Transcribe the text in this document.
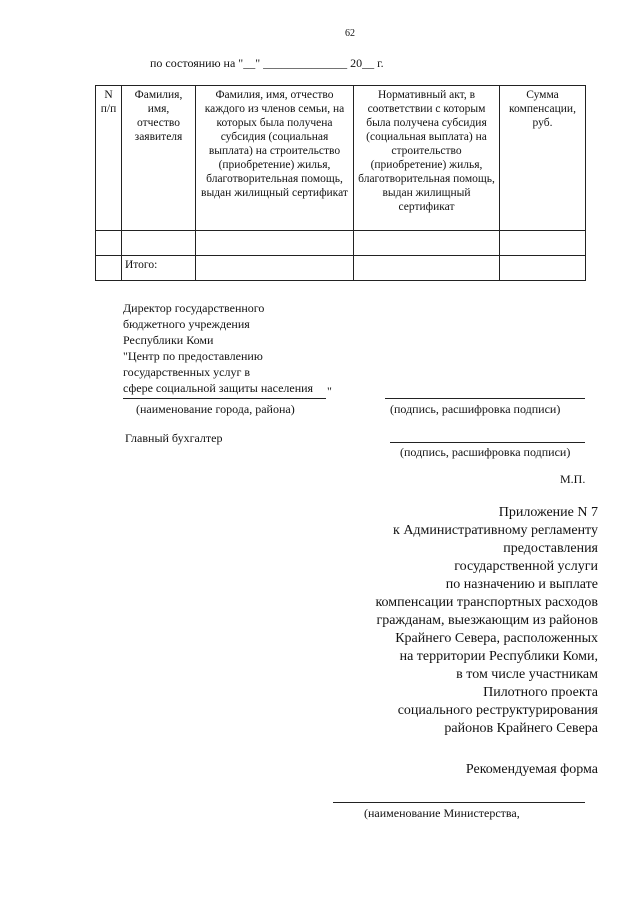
62
по состоянию на "__" ______________ 20__ г.
N п/п	Фамилия, имя, отчество заявителя	Фамилия, имя, отчество каждого из членов семьи, на которых была получена субсидия (социальная выплата) на строительство (приобретение) жилья, благотворительная помощь, выдан жилищный сертификат	Нормативный акт, в соответствии с которым была получена субсидия (социальная выплата) на строительство (приобретение) жилья, благотворительная помощь, выдан жилищный сертификат	Сумма компенсации, руб.

	Итого:			
Директор государственного
бюджетного учреждения
Республики Коми
"Центр по предоставлению
государственных услуг в
сфере социальной защиты населения "
(наименование города, района)	(подпись, расшифровка подписи)
Главный бухгалтер
(подпись, расшифровка подписи)
М.П.
Приложение N 7
к Административному регламенту
предоставления
государственной услуги
по назначению и выплате
компенсации транспортных расходов
гражданам, выезжающим из районов
Крайнего Севера, расположенных
на территории Республики Коми,
в том числе участникам
Пилотного проекта
социального реструктурирования
районов Крайнего Севера
Рекомендуемая форма
(наименование Министерства,
